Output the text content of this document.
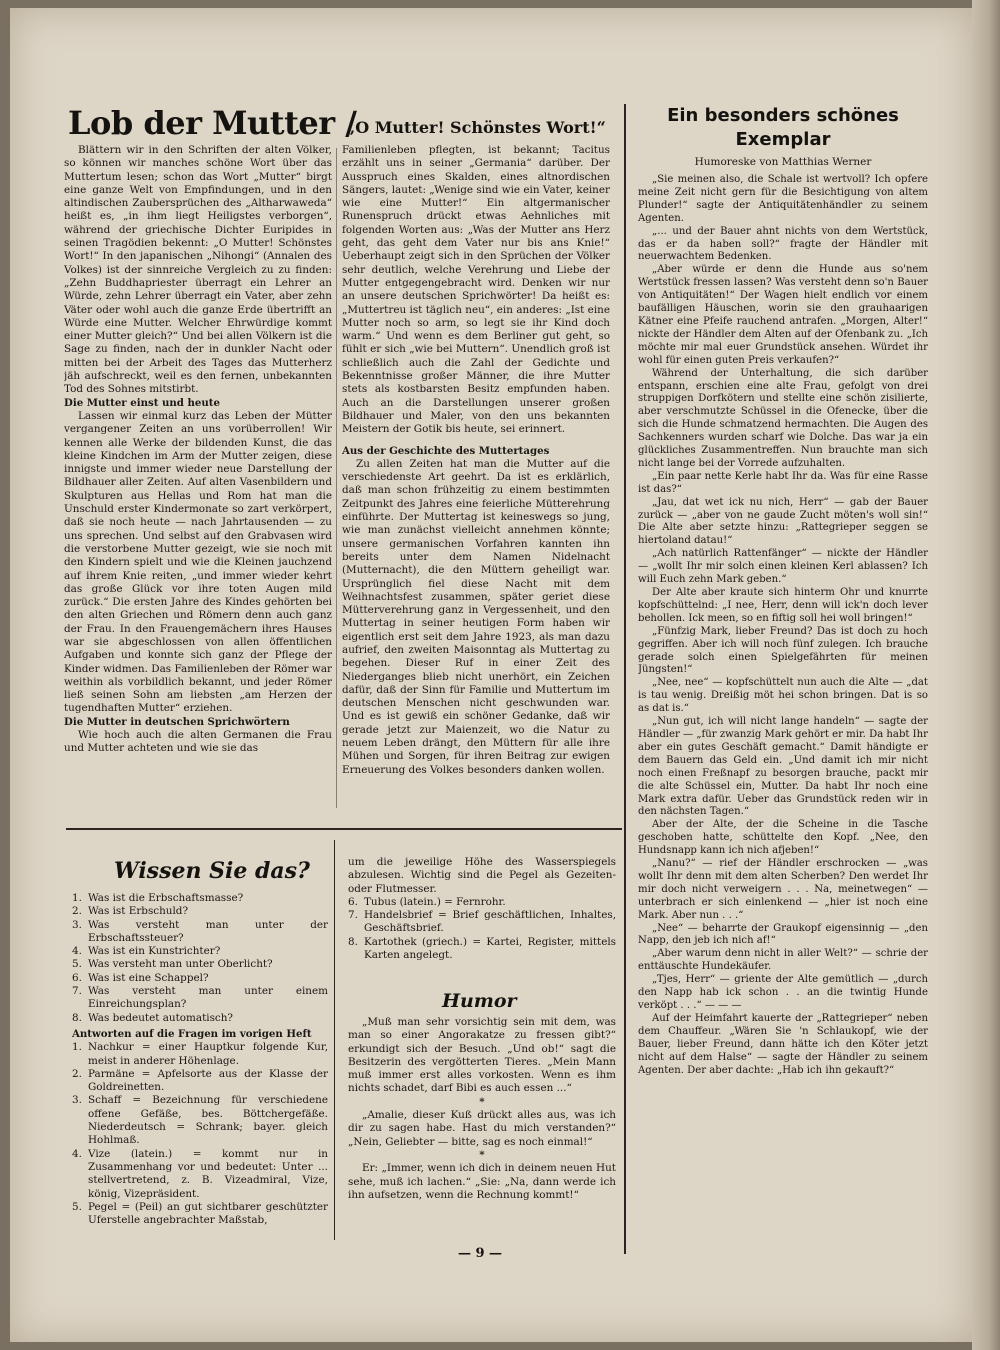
Lob der Mutter /
„O Mutter! Schönstes Wort!“

Blättern wir in den Schriften der alten Völker, so können wir manches schöne Wort über das Muttertum lesen; schon das Wort „Mutter“ birgt eine ganze Welt von Empfindungen, und in den altindischen Zaubersprüchen des „Altharwaweda“ heißt es, „in ihm liegt Heiligstes verborgen“, während der griechische Dichter Euripides in seinen Tragödien bekennt: „O Mutter! Schönstes Wort!“ In den japanischen „Nihongi“ (Annalen des Volkes) ist der sinnreiche Vergleich zu zu finden: „Zehn Buddhapriester überragt ein Lehrer an Würde, zehn Lehrer überragt ein Vater, aber zehn Väter oder wohl auch die ganze Erde übertrifft an Würde eine Mutter. Welcher Ehrwürdige kommt einer Mutter gleich?“ Und bei allen Völkern ist die Sage zu finden, nach der in dunkler Nacht oder mitten bei der Arbeit des Tages das Mutterherz jäh aufschreckt, weil es den fernen, unbekannten Tod des Sohnes mitstirbt.

Die Mutter einst und heute

Lassen wir einmal kurz das Leben der Mütter vergangener Zeiten an uns vorüberrollen! Wir kennen alle Werke der bildenden Kunst, die das kleine Kindchen im Arm der Mutter zeigen, diese innigste und immer wieder neue Darstellung der Bildhauer aller Zeiten. Auf alten Vasenbildern und Skulpturen aus Hellas und Rom hat man die Unschuld erster Kindermonate so zart verkörpert, daß sie noch heute — nach Jahrtausenden — zu uns sprechen. Und selbst auf den Grabvasen wird die verstorbene Mutter gezeigt, wie sie noch mit den Kindern spielt und wie die Kleinen jauchzend auf ihrem Knie reiten, „und immer wieder kehrt das große Glück vor ihre toten Augen mild zurück.“ Die ersten Jahre des Kindes gehörten bei den alten Griechen und Römern denn auch ganz der Frau. In den Frauengemächern ihres Hauses war sie abgeschlossen von allen öffentlichen Aufgaben und konnte sich ganz der Pflege der Kinder widmen. Das Familienleben der Römer war weithin als vorbildlich bekannt, und jeder Römer ließ seinen Sohn am liebsten „am Herzen der tugendhaften Mutter“ erziehen.

Die Mutter in deutschen Sprichwörtern

Wie hoch auch die alten Germanen die Frau und Mutter achteten und wie sie das

Familienleben pflegten, ist bekannt; Tacitus erzählt uns in seiner „Germania“ darüber. Der Ausspruch eines Skalden, eines altnordischen Sängers, lautet: „Wenige sind wie ein Vater, keiner wie eine Mutter!“ Ein altgermanischer Runenspruch drückt etwas Aehnliches mit folgenden Worten aus: „Was der Mutter ans Herz geht, das geht dem Vater nur bis ans Knie!“ Ueberhaupt zeigt sich in den Sprüchen der Völker sehr deutlich, welche Verehrung und Liebe der Mutter entgegengebracht wird. Denken wir nur an unsere deutschen Sprichwörter! Da heißt es: „Muttertreu ist täglich neu“, ein anderes: „Ist eine Mutter noch so arm, so legt sie ihr Kind doch warm.“ Und wenn es dem Berliner gut geht, so fühlt er sich „wie bei Muttern“. Unendlich groß ist schließlich auch die Zahl der Gedichte und Bekenntnisse großer Männer, die ihre Mutter stets als kostbarsten Besitz empfunden haben. Auch an die Darstellungen unserer großen Bildhauer und Maler, von den uns bekannten Meistern der Gotik bis heute, sei erinnert.

Aus der Geschichte des Muttertages

Zu allen Zeiten hat man die Mutter auf die verschiedenste Art geehrt. Da ist es erklärlich, daß man schon frühzeitig zu einem bestimmten Zeitpunkt des Jahres eine feierliche Mütterehrung einführte. Der Muttertag ist keineswegs so jung, wie man zunächst vielleicht annehmen könnte; unsere germanischen Vorfahren kannten ihn bereits unter dem Namen Nidelnacht (Mutternacht), die den Müttern geheiligt war. Ursprünglich fiel diese Nacht mit dem Weihnachtsfest zusammen, später geriet diese Mütterverehrung ganz in Vergessenheit, und den Muttertag in seiner heutigen Form haben wir eigentlich erst seit dem Jahre 1923, als man dazu aufrief, den zweiten Maisonntag als Muttertag zu begehen. Dieser Ruf in einer Zeit des Niederganges blieb nicht unerhört, ein Zeichen dafür, daß der Sinn für Familie und Muttertum im deutschen Menschen nicht geschwunden war. Und es ist gewiß ein schöner Gedanke, daß wir gerade jetzt zur Maienzeit, wo die Natur zu neuem Leben drängt, den Müttern für alle ihre Mühen und Sorgen, für ihren Beitrag zur ewigen Erneuerung des Volkes besonders danken wollen.

Ein besonders schönes
Exemplar
Humoreske von Matthias Werner

„Sie meinen also, die Schale ist wertvoll? Ich opfere meine Zeit nicht gern für die Besichtigung von altem Plunder!“ sagte der Antiquitätenhändler zu seinem Agenten.

„... und der Bauer ahnt nichts von dem Wertstück, das er da haben soll?“ fragte der Händler mit neuerwachtem Bedenken.

„Aber würde er denn die Hunde aus so'nem Wertstück fressen lassen? Was versteht denn so'n Bauer von Antiquitäten!“ Der Wagen hielt endlich vor einem baufälligen Häuschen, worin sie den grauhaarigen Kätner eine Pfeife rauchend antrafen. „Morgen, Alter!“ nickte der Händler dem Alten auf der Ofenbank zu. „Ich möchte mir mal euer Grundstück ansehen. Würdet ihr wohl für einen guten Preis verkaufen?“

Während der Unterhaltung, die sich darüber entspann, erschien eine alte Frau, gefolgt von drei struppigen Dorfkötern und stellte eine schön zisilierte, aber verschmutzte Schüssel in die Ofenecke, über die sich die Hunde schmatzend hermachten. Die Augen des Sachkenners wurden scharf wie Dolche. Das war ja ein glückliches Zusammentreffen. Nun brauchte man sich nicht lange bei der Vorrede aufzuhalten.

„Ein paar nette Kerle habt Ihr da. Was für eine Rasse ist das?“

„Jau, dat wet ick nu nich, Herr“ — gab der Bauer zurück — „aber von ne gaude Zucht möten's woll sin!“ Die Alte aber setzte hinzu: „Rattegrieper seggen se hiertoland datau!“

„Ach natürlich Rattenfänger“ — nickte der Händler — „wollt Ihr mir solch einen kleinen Kerl ablassen? Ich will Euch zehn Mark geben.“

Der Alte aber kraute sich hinterm Ohr und knurrte kopfschüttelnd: „I nee, Herr, denn will ick'n doch lever behollen. Ick meen, so en fiftig soll hei woll bringen!“

„Fünfzig Mark, lieber Freund? Das ist doch zu hoch gegriffen. Aber ich will noch fünf zulegen. Ich brauche gerade solch einen Spielgefährten für meinen Jüngsten!“

„Nee, nee“ — kopfschüttelt nun auch die Alte — „dat is tau wenig. Dreißig möt hei schon bringen. Dat is so as dat is.“

„Nun gut, ich will nicht lange handeln“ — sagte der Händler — „für zwanzig Mark gehört er mir. Da habt Ihr aber ein gutes Geschäft gemacht.“ Damit händigte er dem Bauern das Geld ein. „Und damit ich mir nicht noch einen Freßnapf zu besorgen brauche, packt mir die alte Schüssel ein, Mutter. Da habt Ihr noch eine Mark extra dafür. Ueber das Grundstück reden wir in den nächsten Tagen.“

Aber der Alte, der die Scheine in die Tasche geschoben hatte, schüttelte den Kopf. „Nee, den Hundsnapp kann ich nich afjeben!“

„Nanu?“ — rief der Händler erschrocken — „was wollt Ihr denn mit dem alten Scherben? Den werdet Ihr mir doch nicht verweigern . . . Na, meinetwegen“ — unterbrach er sich einlenkend — „hier ist noch eine Mark. Aber nun . . .“

„Nee“ — beharrte der Graukopf eigensinnig — „den Napp, den jeb ich nich af!“

„Aber warum denn nicht in aller Welt?“ — schrie der enttäuschte Hundekäufer.

„Tjes, Herr“ — griente der Alte gemütlich — „durch den Napp hab ick schon . . an die twintig Hunde verköpt . . .“ — — —

Auf der Heimfahrt kauerte der „Rattegrieper“ neben dem Chauffeur. „Wären Sie 'n Schlaukopf, wie der Bauer, lieber Freund, dann hätte ich den Köter jetzt nicht auf dem Halse“ — sagte der Händler zu seinem Agenten. Der aber dachte: „Hab ich ihn gekauft?“

Wissen Sie das?
1. Was ist die Erbschaftsmasse?
2. Was ist Erbschuld?
3. Was versteht man unter der Erbschaftssteuer?
4. Was ist ein Kunstrichter?
5. Was versteht man unter Oberlicht?
6. Was ist eine Schappel?
7. Was versteht man unter einem Einreichungsplan?
8. Was bedeutet automatisch?

Antworten auf die Fragen im vorigen Heft

1. Nachkur = einer Hauptkur folgende Kur, meist in anderer Höhenlage.
2. Parmäne = Apfelsorte aus der Klasse der Goldreinetten.
3. Schaff = Bezeichnung für verschiedene offene Gefäße, bes. Böttchergefäße. Niederdeutsch = Schrank; bayer. gleich Hohlmaß.
4. Vize (latein.) = kommt nur in Zusammenhang vor und bedeutet: Unter ... stellvertretend, z. B. Vizeadmiral, Vize, könig, Vizepräsident.
5. Pegel = (Peil) an gut sichtbarer geschützter Uferstelle angebrachter Maßstab,

um die jeweilige Höhe des Wasserspiegels abzulesen. Wichtig sind die Pegel als Gezeiten- oder Flutmesser.

6. Tubus (latein.) = Fernrohr.
7. Handelsbrief = Brief geschäftlichen, Inhaltes, Geschäftsbrief.
8. Kartothek (griech.) = Kartei, Register, mittels Karten angelegt.
Humor

„Muß man sehr vorsichtig sein mit dem, was man so einer Angorakatze zu fressen gibt?“ erkundigt sich der Besuch. „Und ob!“ sagt die Besitzerin des vergötterten Tieres. „Mein Mann muß immer erst alles vorkosten. Wenn es ihm nichts schadet, darf Bibi es auch essen ...“

*

„Amalie, dieser Kuß drückt alles aus, was ich dir zu sagen habe. Hast du mich verstanden?“ „Nein, Geliebter — bitte, sag es noch einmal!“

*

Er: „Immer, wenn ich dich in deinem neuen Hut sehe, muß ich lachen.“ „Sie: „Na, dann werde ich ihn aufsetzen, wenn die Rechnung kommt!“

— 9 —
